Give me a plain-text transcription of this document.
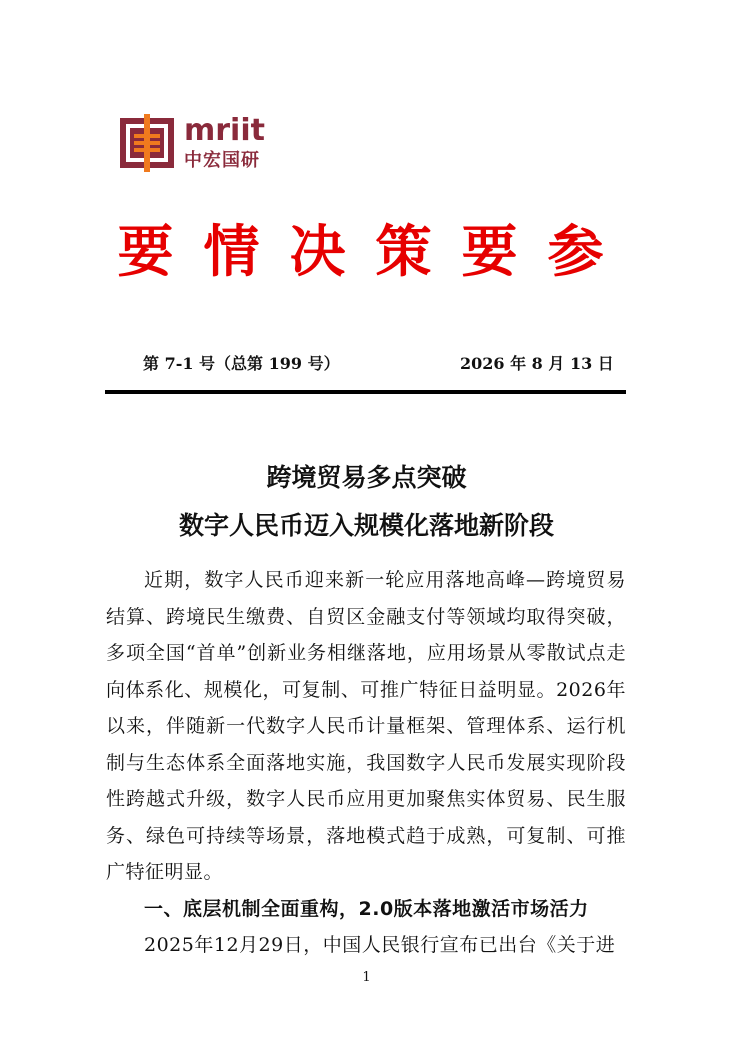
mriit
中宏国研
要情决策要参
第 7-1 号（总第 199 号）	2026 年 8 月 13 日
跨境贸易多点突破
数字人民币迈入规模化落地新阶段

近期，数字人民币迎来新一轮应用落地高峰—跨境贸易结算、跨境民生缴费、自贸区金融支付等领域均取得突破，多项全国“首单”创新业务相继落地，应用场景从零散试点走向体系化、规模化，可复制、可推广特征日益明显。2026年以来，伴随新一代数字人民币计量框架、管理体系、运行机制与生态体系全面落地实施，我国数字人民币发展实现阶段性跨越式升级，数字人民币应用更加聚焦实体贸易、民生服务、绿色可持续等场景，落地模式趋于成熟，可复制、可推广特征明显。

一、底层机制全面重构，2.0版本落地激活市场活力

2025年12月29日，中国人民银行宣布已出台《关于进

1
